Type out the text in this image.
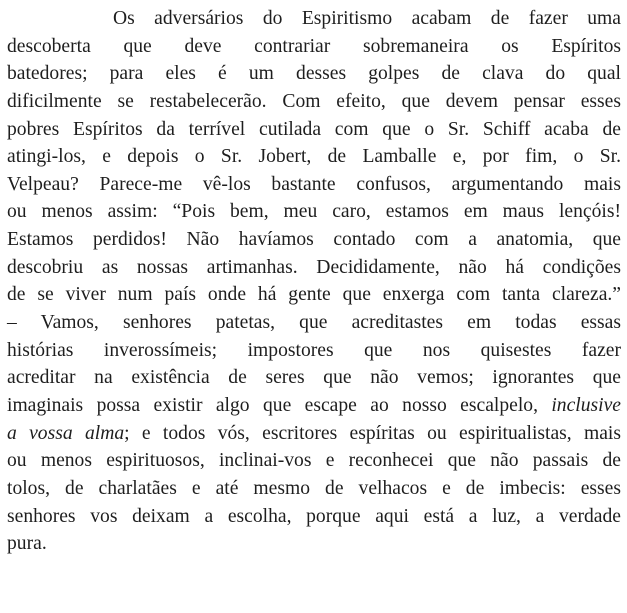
Os adversários do Espiritismo acabam de fazer uma
descoberta que deve contrariar sobremaneira os Espíritos
batedores; para eles é um desses golpes de clava do qual
dificilmente se restabelecerão. Com efeito, que devem pensar esses
pobres Espíritos da terrível cutilada com que o Sr. Schiff acaba de
atingi-los, e depois o Sr. Jobert, de Lamballe e, por fim, o Sr.
Velpeau? Parece-me vê-los bastante confusos, argumentando mais
ou menos assim: “Pois bem, meu caro, estamos em maus lençóis!
Estamos perdidos! Não havíamos contado com a anatomia, que
descobriu as nossas artimanhas. Decididamente, não há condições
de se viver num país onde há gente que enxerga com tanta clareza.”
– Vamos, senhores patetas, que acreditastes em todas essas
histórias inverossímeis; impostores que nos quisestes fazer
acreditar na existência de seres que não vemos; ignorantes que
imaginais possa existir algo que escape ao nosso escalpelo, inclusive
a vossa alma; e todos vós, escritores espíritas ou espiritualistas, mais
ou menos espirituosos, inclinai-vos e reconhecei que não passais de
tolos, de charlatães e até mesmo de velhacos e de imbecis: esses
senhores vos deixam a escolha, porque aqui está a luz, a verdade
pura.
